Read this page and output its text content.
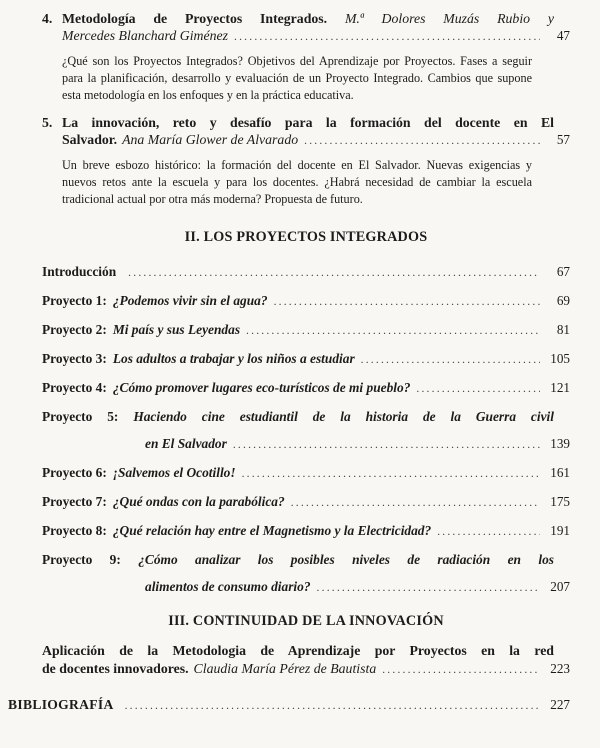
4. Metodología de Proyectos Integrados. M.ª Dolores Muzás Rubio y
Mercedes Blanchard Giménez .....	47

¿Qué son los Proyectos Integrados? Objetivos del Aprendizaje por Proyectos. Fases a seguir para la planificación, desarrollo y evaluación de un Proyecto Integrado. Cambios que supone esta metodología en los enfoques y en la práctica educativa.

5. La innovación, reto y desafío para la formación del docente en El
Salvador. Ana María Glower de Alvarado .....	57

Un breve esbozo histórico: la formación del docente en El Salvador. Nuevas exigencias y nuevos retos ante la escuela y para los docentes. ¿Habrá necesidad de cambiar la escuela tradicional actual por otra más moderna? Propuesta de futuro.

II. LOS PROYECTOS INTEGRADOS
Introducción .....	67
Proyecto 1: ¿Podemos vivir sin el agua? .....	69
Proyecto 2: Mi país y sus Leyendas .....	81
Proyecto 3: Los adultos a trabajar y los niños a estudiar .....	105
Proyecto 4: ¿Cómo promover lugares eco-turísticos de mi pueblo? .....	121
Proyecto 5: Haciendo cine estudiantil de la historia de la Guerra civil
en El Salvador .....	139
Proyecto 6: ¡Salvemos el Ocotillo! .....	161
Proyecto 7: ¿Qué ondas con la parabólica? .....	175
Proyecto 8: ¿Qué relación hay entre el Magnetismo y la Electricidad? .....	191
Proyecto 9: ¿Cómo analizar los posibles niveles de radiación en los
alimentos de consumo diario? .....	207
III. CONTINUIDAD DE LA INNOVACIÓN
Aplicación de la Metodologia de Aprendizaje por Proyectos en la red
de docentes innovadores. Claudia María Pérez de Bautista .....	223
BIBLIOGRAFÍA .....	227
